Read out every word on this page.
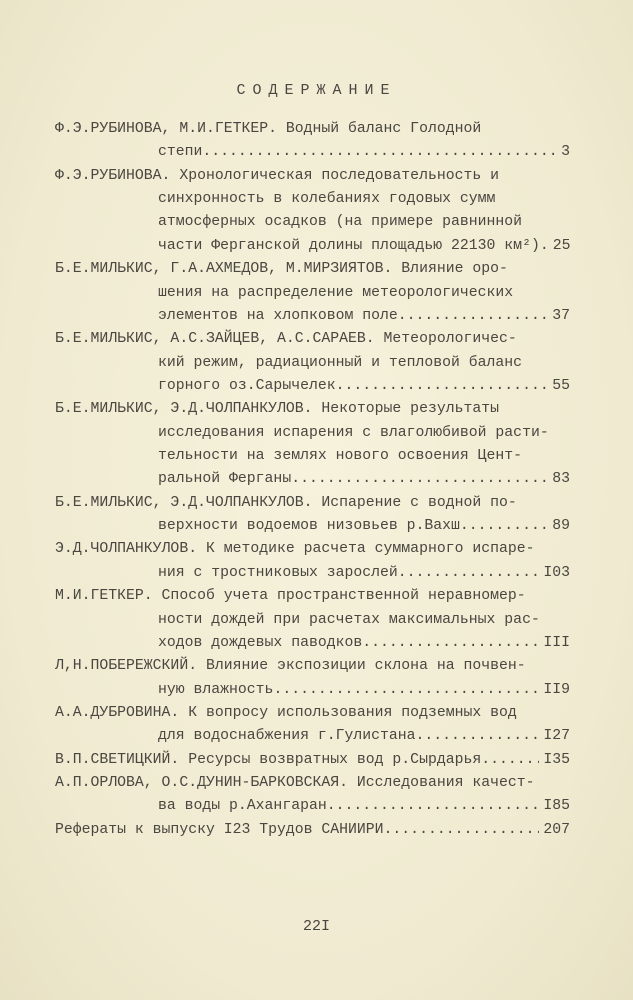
СОДЕРЖАНИЕ
Ф.Э.РУБИНОВА, М.И.ГЕТКЕР. Водный баланс Голодной
степи .....	3
Ф.Э.РУБИНОВА. Хронологическая последовательность и
синхронность в колебаниях годовых сумм
атмосферных осадков (на примере равнинной
части Ферганской долины площадью 22130 км²). 25
Б.Е.МИЛЬКИС, Г.А.АХМЕДОВ, М.МИРЗИЯТОВ. Влияние оро-
шения на распределение метеорологических
элементов на хлопковом поле .....	37
Б.Е.МИЛЬКИС, А.С.ЗАЙЦЕВ, А.С.САРАЕВ. Метеорологичес-
кий режим, радиационный и тепловой баланс
горного оз.Сарычелек .....	55
Б.Е.МИЛЬКИС, Э.Д.ЧОЛПАНКУЛОВ. Некоторые результаты
исследования испарения с влаголюбивой расти-
тельности на землях нового освоения Цент-
ральной Ферганы .....	83
Б.Е.МИЛЬКИС, Э.Д.ЧОЛПАНКУЛОВ. Испарение с водной по-
верхности водоемов низовьев р.Вахш .....	89
Э.Д.ЧОЛПАНКУЛОВ. К методике расчета суммарного испаре-
ния с тростниковых зарослей .....	I03
М.И.ГЕТКЕР. Способ учета пространственной неравномер-
ности дождей при расчетах максимальных рас-
ходов дождевых паводков .....	III
Л,Н.ПОБЕРЕЖСКИЙ. Влияние экспозиции склона на почвен-
ную влажность .....	II9
А.А.ДУБРОВИНА. К вопросу использования подземных вод
для водоснабжения г.Гулистана .....	I27
В.П.СВЕТИЦКИЙ. Ресурсы возвратных вод р.Сырдарья .....	I35
А.П.ОРЛОВА, О.С.ДУНИН-БАРКОВСКАЯ. Исследования качест-
ва воды р.Ахангаран .....	I85
Рефераты к выпуску I23 Трудов САНИИРИ .....	207
22I
